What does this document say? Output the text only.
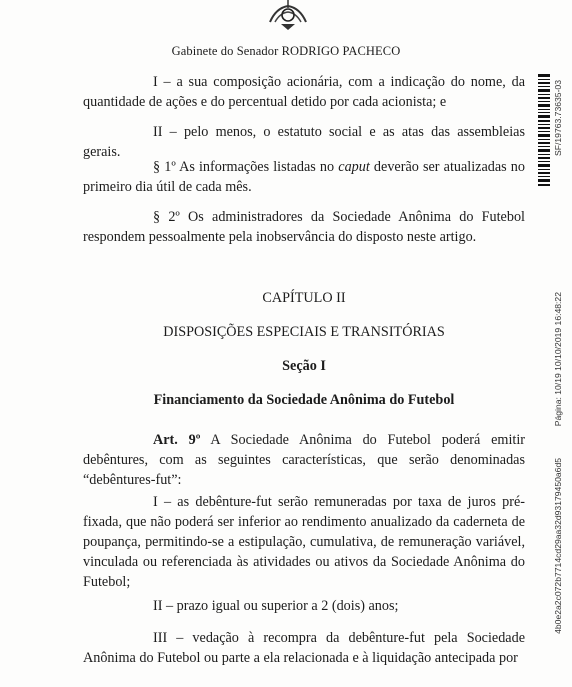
Gabinete do Senador RODRIGO PACHECO
I – a sua composição acionária, com a indicação do nome, da quantidade de ações e do percentual detido por cada acionista; e
II – pelo menos, o estatuto social e as atas das assembleias gerais.
§ 1º As informações listadas no caput deverão ser atualizadas no primeiro dia útil de cada mês.
§ 2º Os administradores da Sociedade Anônima do Futebol respondem pessoalmente pela inobservância do disposto neste artigo.
CAPÍTULO II
DISPOSIÇÕES ESPECIAIS E TRANSITÓRIAS
Seção I
Financiamento da Sociedade Anônima do Futebol
Art. 9º A Sociedade Anônima do Futebol poderá emitir debêntures, com as seguintes características, que serão denominadas “debêntures-fut”:
I – as debênture-fut serão remuneradas por taxa de juros pré-fixada, que não poderá ser inferior ao rendimento anualizado da caderneta de poupança, permitindo-se a estipulação, cumulativa, de remuneração variável, vinculada ou referenciada às atividades ou ativos da Sociedade Anônima do Futebol;
II – prazo igual ou superior a 2 (dois) anos;
III – vedação à recompra da debênture-fut pela Sociedade Anônima do Futebol ou parte a ela relacionada e à liquidação antecipada por
SF/19763.73635-03
Página: 10/19 10/10/2019 16:48:22
4b0e2a2c072b7714cd29aa32d93179450a6d5
